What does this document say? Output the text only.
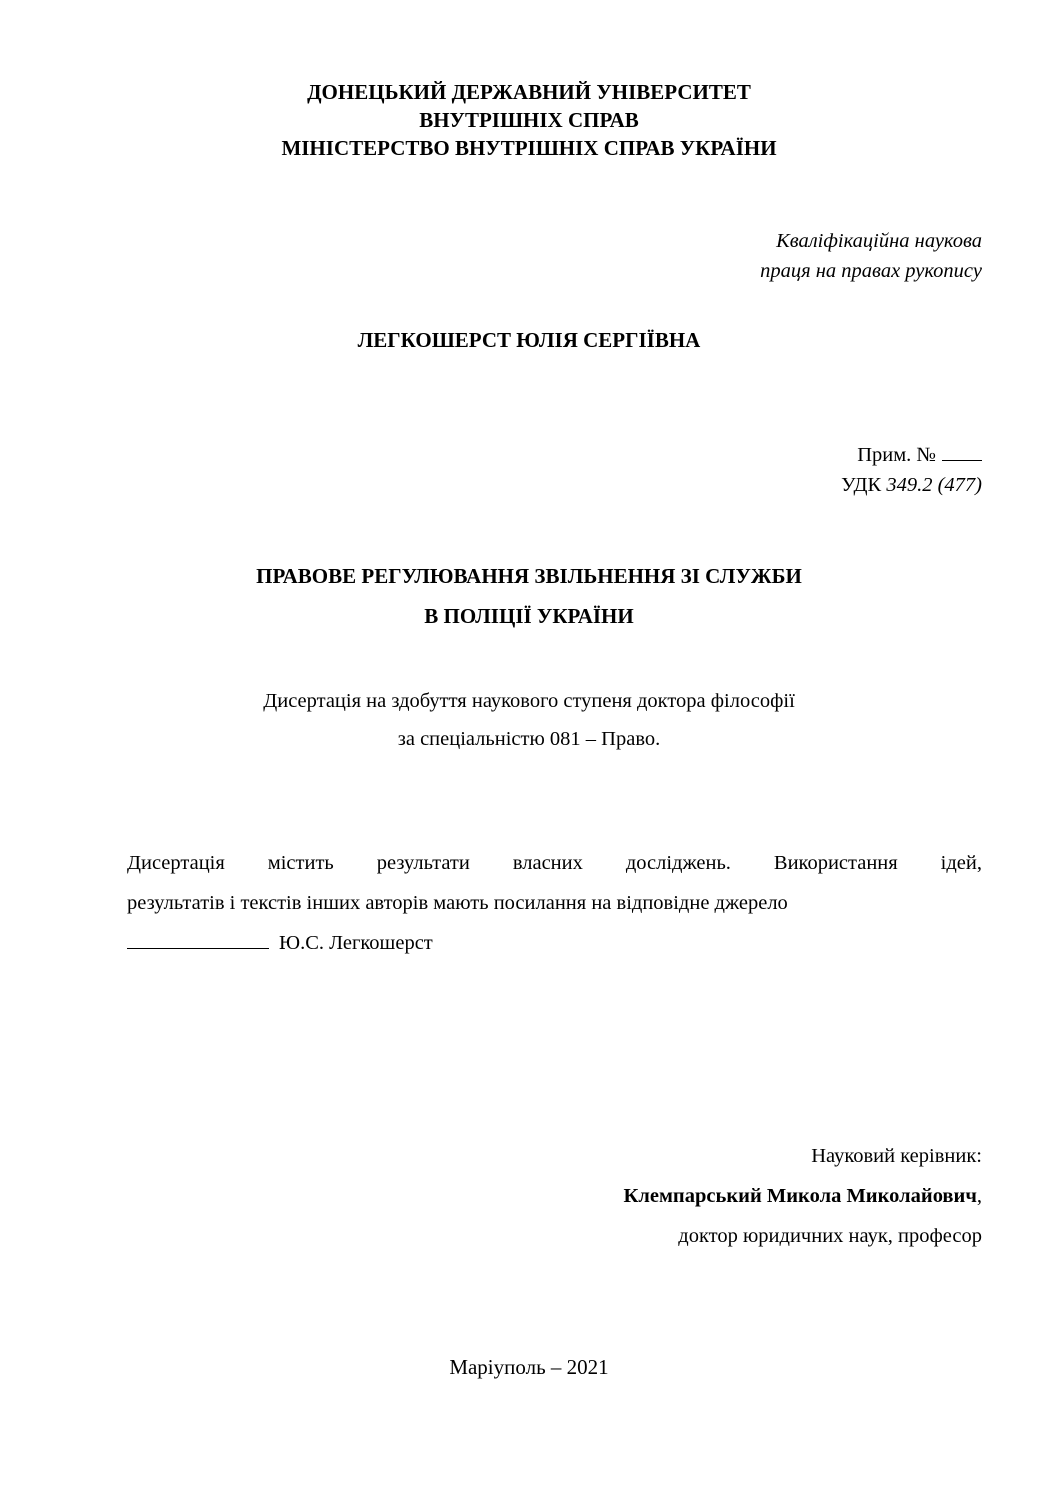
ДОНЕЦЬКИЙ ДЕРЖАВНИЙ УНІВЕРСИТЕТ
ВНУТРІШНІХ СПРАВ
МІНІСТЕРСТВО ВНУТРІШНІХ СПРАВ УКРАЇНИ
Кваліфікаційна наукова
праця на правах рукопису
ЛЕГКОШЕРСТ ЮЛІЯ СЕРГІЇВНА
Прим. №
УДК 349.2 (477)
ПРАВОВЕ РЕГУЛЮВАННЯ ЗВІЛЬНЕННЯ ЗІ СЛУЖБИ
В ПОЛІЦІЇ УКРАЇНИ
Дисертація на здобуття наукового ступеня доктора філософії
за спеціальністю 081 – Право.
Дисертація містить результати власних досліджень. Використання ідей,
результатів і текстів інших авторів мають посилання на відповідне джерело
Ю.С. Легкошерст
Науковий керівник:
Клемпарський Микола Миколайович,
доктор юридичних наук, професор
Маріуполь – 2021
